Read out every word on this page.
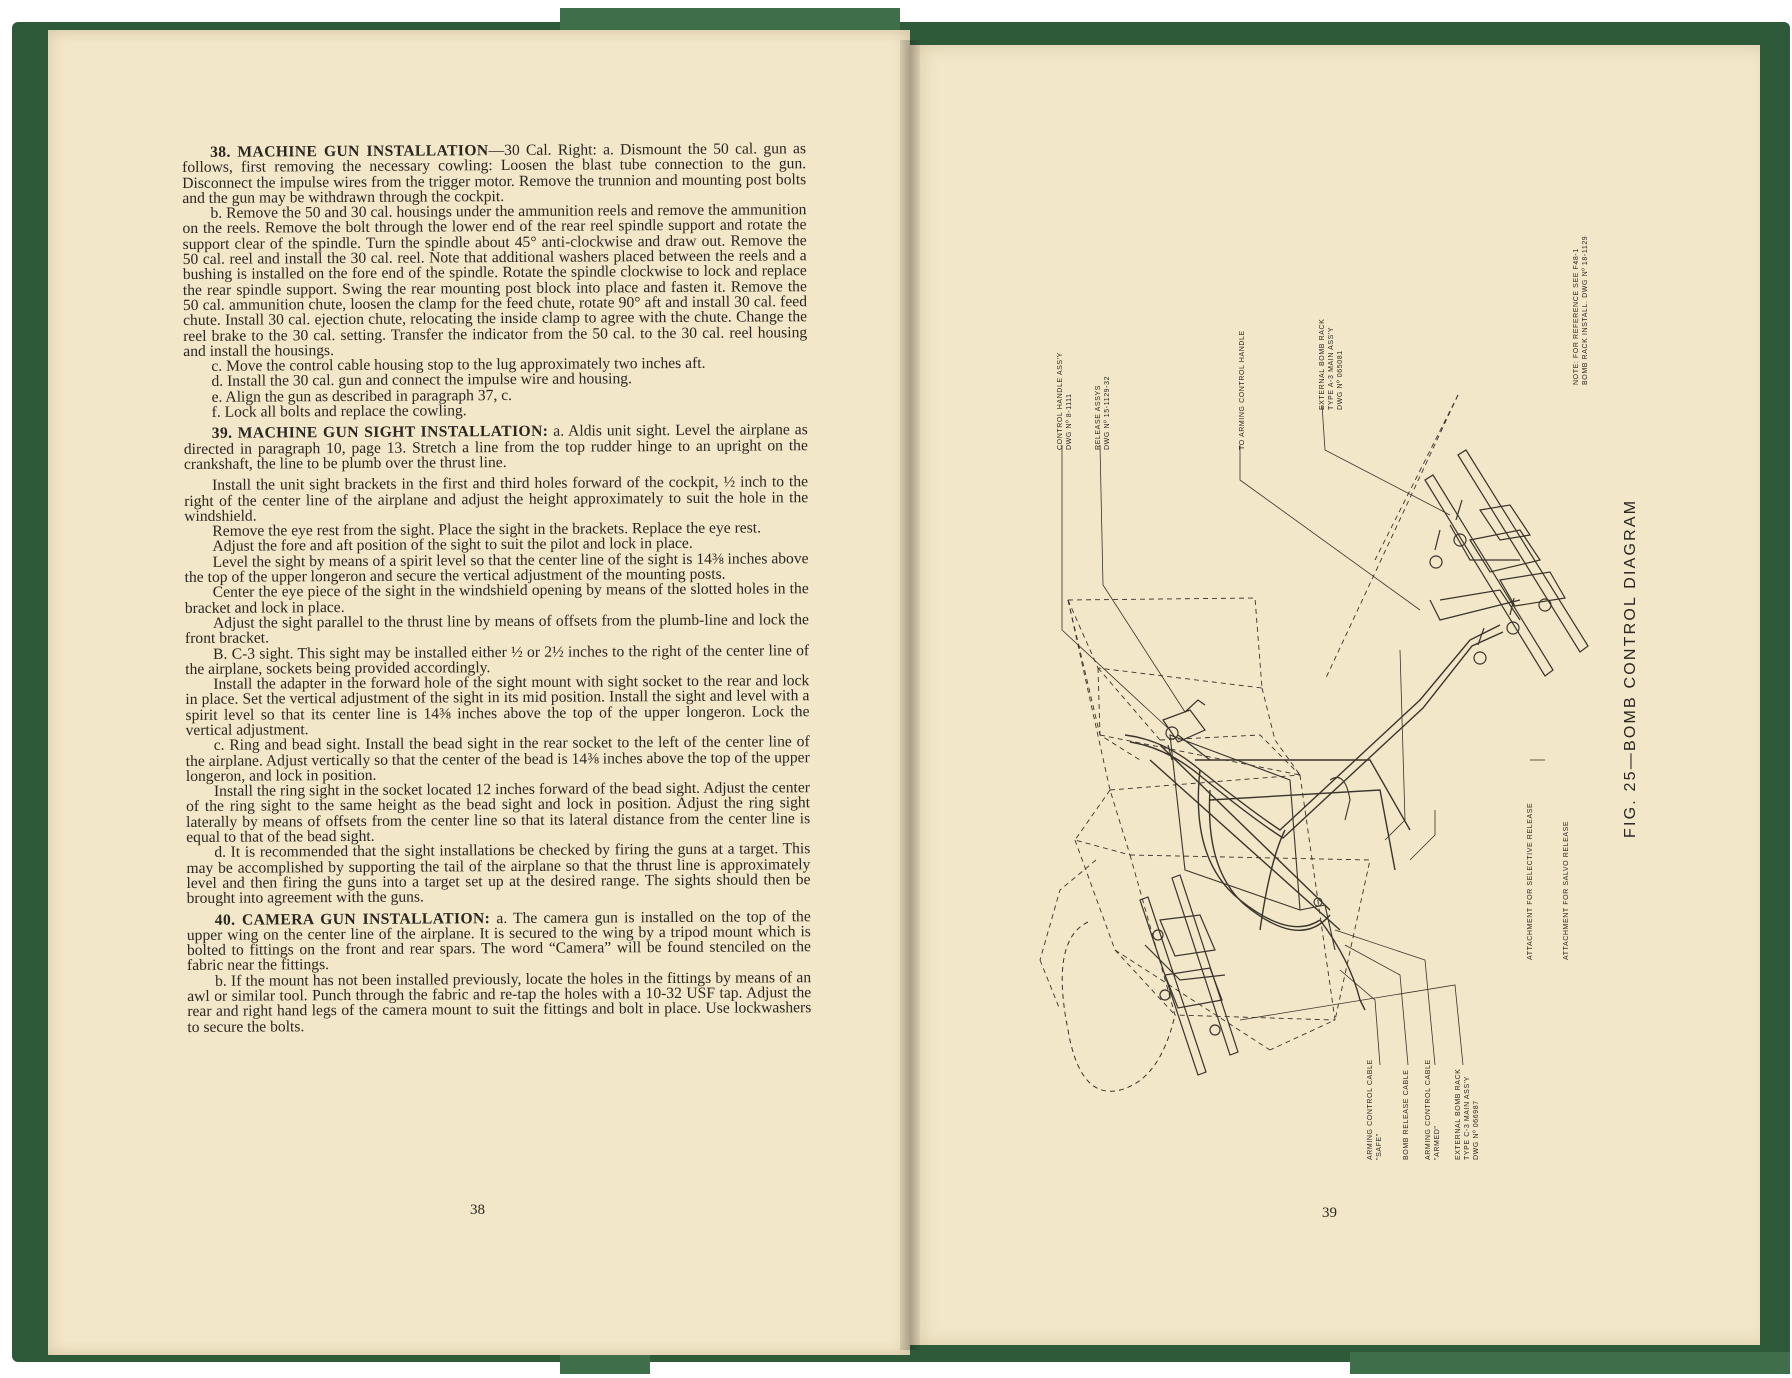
38. MACHINE GUN INSTALLATION—30 Cal. Right: a. Dismount the 50 cal. gun as follows, first removing the necessary cowling: Loosen the blast tube connection to the gun. Disconnect the impulse wires from the trigger motor. Remove the trunnion and mounting post bolts and the gun may be withdrawn through the cockpit.

b. Remove the 50 and 30 cal. housings under the ammunition reels and remove the ammunition on the reels. Remove the bolt through the lower end of the rear reel spindle support and rotate the support clear of the spindle. Turn the spindle about 45° anti-clockwise and draw out. Remove the 50 cal. reel and install the 30 cal. reel. Note that additional washers placed between the reels and a bushing is installed on the fore end of the spindle. Rotate the spindle clockwise to lock and replace the rear spindle support. Swing the rear mounting post block into place and fasten it. Remove the 50 cal. ammunition chute, loosen the clamp for the feed chute, rotate 90° aft and install 30 cal. feed chute. Install 30 cal. ejection chute, relocating the inside clamp to agree with the chute. Change the reel brake to the 30 cal. setting. Transfer the indicator from the 50 cal. to the 30 cal. reel housing and install the housings.

c. Move the control cable housing stop to the lug approximately two inches aft.

d. Install the 30 cal. gun and connect the impulse wire and housing.

e. Align the gun as described in paragraph 37, c.

f. Lock all bolts and replace the cowling.

39. MACHINE GUN SIGHT INSTALLATION: a. Aldis unit sight. Level the airplane as directed in paragraph 10, page 13. Stretch a line from the top rudder hinge to an upright on the crankshaft, the line to be plumb over the thrust line.

Install the unit sight brackets in the first and third holes forward of the cockpit, ½ inch to the right of the center line of the airplane and adjust the height approximately to suit the hole in the windshield.

Remove the eye rest from the sight. Place the sight in the brackets. Replace the eye rest.

Adjust the fore and aft position of the sight to suit the pilot and lock in place.

Level the sight by means of a spirit level so that the center line of the sight is 14⅜ inches above the top of the upper longeron and secure the vertical adjustment of the mounting posts.

Center the eye piece of the sight in the windshield opening by means of the slotted holes in the bracket and lock in place.

Adjust the sight parallel to the thrust line by means of offsets from the plumb-line and lock the front bracket.

B. C-3 sight. This sight may be installed either ½ or 2½ inches to the right of the center line of the airplane, sockets being provided accordingly.

Install the adapter in the forward hole of the sight mount with sight socket to the rear and lock in place. Set the vertical adjustment of the sight in its mid position. Install the sight and level with a spirit level so that its center line is 14⅜ inches above the top of the upper longeron. Lock the vertical adjustment.

c. Ring and bead sight. Install the bead sight in the rear socket to the left of the center line of the airplane. Adjust vertically so that the center of the bead is 14⅜ inches above the top of the upper longeron, and lock in position.

Install the ring sight in the socket located 12 inches forward of the bead sight. Adjust the center of the ring sight to the same height as the bead sight and lock in position. Adjust the ring sight laterally by means of offsets from the center line so that its lateral distance from the center line is equal to that of the bead sight.

d. It is recommended that the sight installations be checked by firing the guns at a target. This may be accomplished by supporting the tail of the airplane so that the thrust line is approximately level and then firing the guns into a target set up at the desired range. The sights should then be brought into agreement with the guns.

40. CAMERA GUN INSTALLATION: a. The camera gun is installed on the top of the upper wing on the center line of the airplane. It is secured to the wing by a tripod mount which is bolted to fittings on the front and rear spars. The word “Camera” will be found stenciled on the fabric near the fittings.

b. If the mount has not been installed previously, locate the holes in the fittings by means of an awl or similar tool. Punch through the fabric and re-tap the holes with a 10-32 USF tap. Adjust the rear and right hand legs of the camera mount to suit the fittings and bolt in place. Use lockwashers to secure the bolts.

38	39
CONTROL HANDLE ASS'Y DWG Nº 8-1111	RELEASE ASSYS DWG Nº 15-1129-32	TO ARMING CONTROL HANDLE	EXTERNAL BOMB RACK TYPE A-3 MAIN ASS'Y DWG Nº 065081	NOTE: FOR REFERENCE SEE F48-1 BOMB RACK INSTALL. DWG Nº 18-1129
ATTACHMENT FOR SELECTIVE RELEASE	ATTACHMENT FOR SALVO RELEASE
ARMING CONTROL CABLE "SAFE"	BOMB RELEASE CABLE ARMING CONTROL CABLE "ARMED" EXTERNAL BOMB RACK TYPE C-3 MAIN ASS'Y DWG Nº 066987
FIG. 25—BOMB CONTROL DIAGRAM
